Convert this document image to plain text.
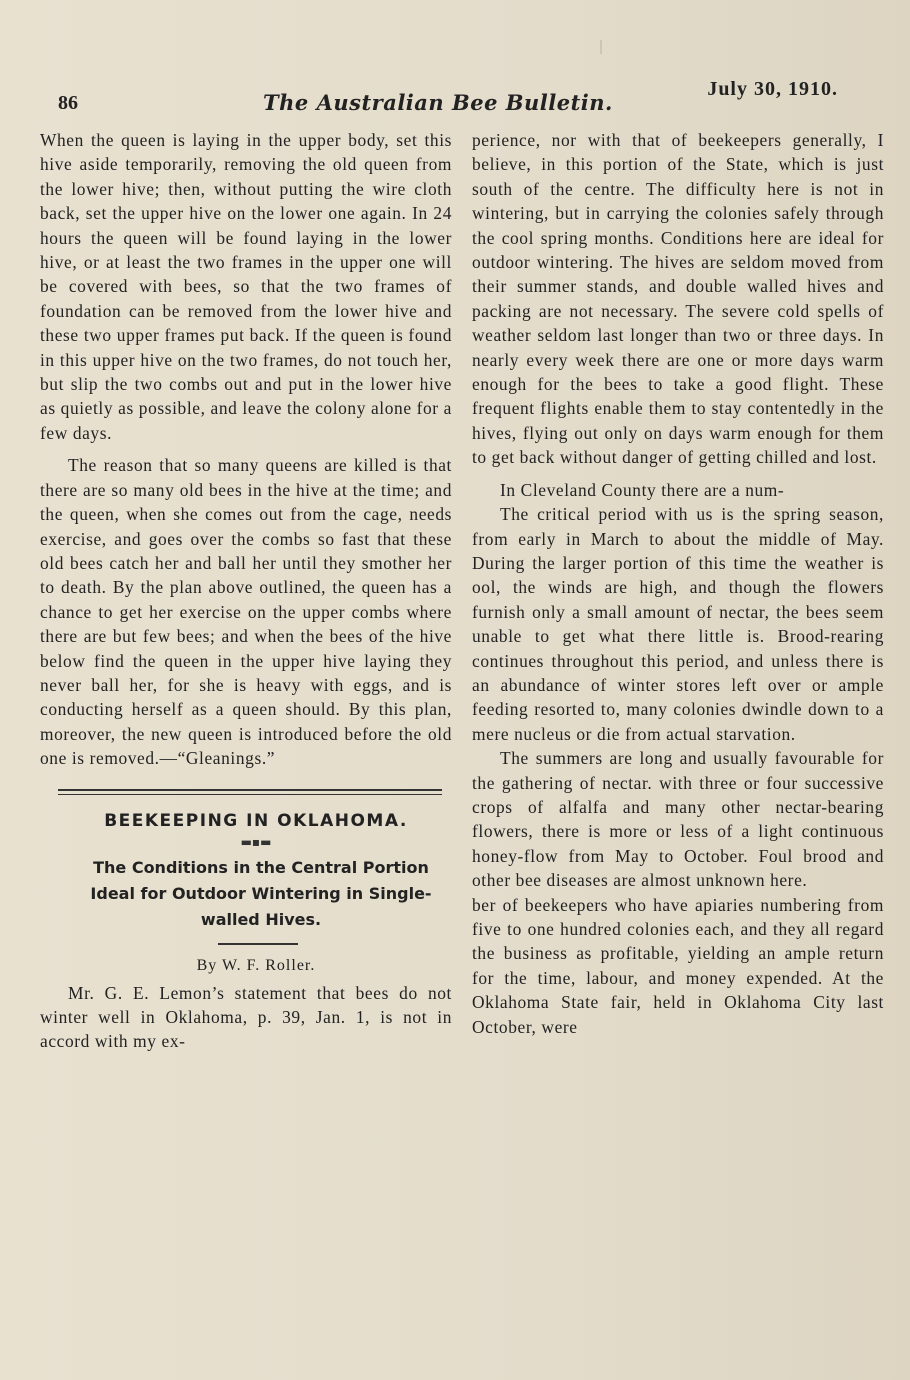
86	The Australian Bee Bulletin.
July 30, 1910.

When the queen is laying in the upper body, set this hive aside temporarily, removing the old queen from the lower hive; then, without putting the wire cloth back, set the upper hive on the lower one again. In 24 hours the queen will be found laying in the lower hive, or at least the two frames in the upper one will be covered with bees, so that the two frames of foundation can be removed from the lower hive and these two upper frames put back. If the queen is found in this upper hive on the two frames, do not touch her, but slip the two combs out and put in the lower hive as quietly as possible, and leave the colony alone for a few days.

The reason that so many queens are killed is that there are so many old bees in the hive at the time; and the queen, when she comes out from the cage, needs exercise, and goes over the combs so fast that these old bees catch her and ball her until they smother her to death. By the plan above outlined, the queen has a chance to get her exercise on the upper combs where there are but few bees; and when the bees of the hive below find the queen in the upper hive laying they never ball her, for she is heavy with eggs, and is conducting herself as a queen should. By this plan, moreover, the new queen is introduced before the old one is removed.—“Gleanings.”

BEEKEEPING IN OKLAHOMA.
▬▪▬
The Conditions in the Central Portion Ideal for Outdoor Wintering in Single-walled Hives.
By W. F. Roller.

Mr. G. E. Lemon’s statement that bees do not winter well in Oklahoma, p. 39, Jan. 1, is not in accord with my ex-

perience, nor with that of beekeepers generally, I believe, in this portion of the State, which is just south of the centre. The difficulty here is not in wintering, but in carrying the colonies safely through the cool spring months. Conditions here are ideal for outdoor wintering. The hives are seldom moved from their summer stands, and double walled hives and packing are not necessary. The severe cold spells of weather seldom last longer than two or three days. In nearly every week there are one or more days warm enough for the bees to take a good flight. These frequent flights enable them to stay contentedly in the hives, flying out only on days warm enough for them to get back without danger of getting chilled and lost.

In Cleveland County there are a num-

The critical period with us is the spring season, from early in March to about the middle of May. During the larger portion of this time the weather is ool, the winds are high, and though the flowers furnish only a small amount of nectar, the bees seem unable to get what there little is. Brood-rearing continues throughout this period, and unless there is an abundance of winter stores left over or ample feeding resorted to, many colonies dwindle down to a mere nucleus or die from actual starvation.

The summers are long and usually favourable for the gathering of nectar. with three or four successive crops of alfalfa and many other nectar-bearing flowers, there is more or less of a light continuous honey-flow from May to October. Foul brood and other bee diseases are almost unknown here.

ber of beekeepers who have apiaries numbering from five to one hundred colonies each, and they all regard the business as profitable, yielding an ample return for the time, labour, and money expended. At the Oklahoma State fair, held in Oklahoma City last October, were
